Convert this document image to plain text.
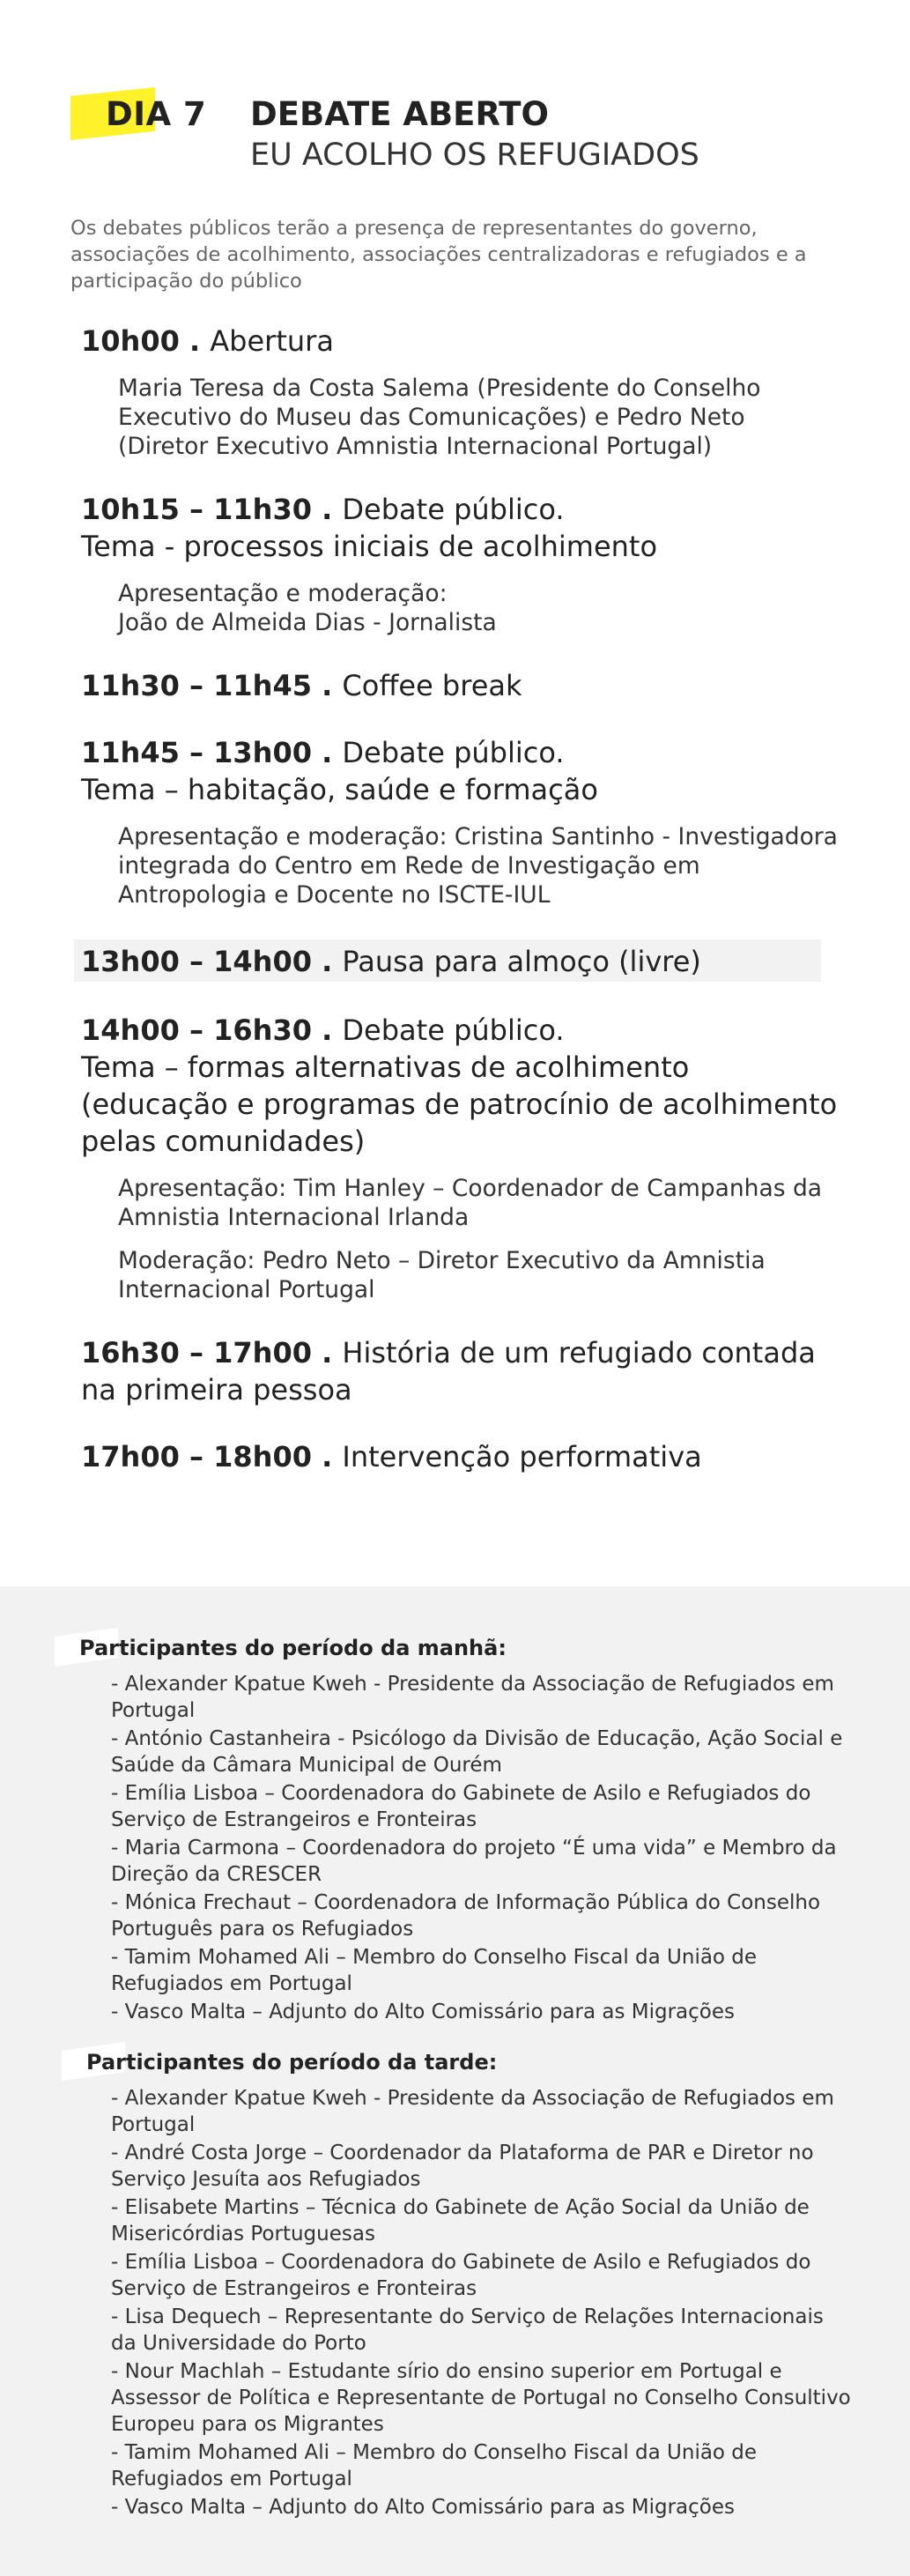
DIA 7 DEBATE ABERTO
EU ACOLHO OS REFUGIADOS
Os debates públicos terão a presença de representantes do governo, associações de acolhimento, associações centralizadoras e refugiados e a participação do público
10h00 . Abertura

Maria Teresa da Costa Salema (Presidente do Conselho Executivo do Museu das Comunicações) e Pedro Neto (Diretor Executivo Amnistia Internacional Portugal)

10h15 – 11h30 . Debate público.
Tema - processos iniciais de acolhimento

Apresentação e moderação:
João de Almeida Dias - Jornalista

11h30 – 11h45 . Coffee break
11h45 – 13h00 . Debate público.
Tema – habitação, saúde e formação

Apresentação e moderação: Cristina Santinho - Investigadora integrada do Centro em Rede de Investigação em Antropologia e Docente no ISCTE-IUL

13h00 – 14h00 . Pausa para almoço (livre)
14h00 – 16h30 . Debate público.
Tema – formas alternativas de acolhimento (educação e programas de patrocínio de acolhimento pelas comunidades)

Apresentação: Tim Hanley – Coordenador de Campanhas da Amnistia Internacional Irlanda

Moderação: Pedro Neto – Diretor Executivo da Amnistia Internacional Portugal

16h30 – 17h00 . História de um refugiado contada na primeira pessoa
17h00 – 18h00 . Intervenção performativa
Participantes do período da manhã:
- Alexander Kpatue Kweh - Presidente da Associação de Refugiados em Portugal
- António Castanheira - Psicólogo da Divisão de Educação, Ação Social e Saúde da Câmara Municipal de Ourém
- Emília Lisboa – Coordenadora do Gabinete de Asilo e Refugiados do Serviço de Estrangeiros e Fronteiras
- Maria Carmona – Coordenadora do projeto “É uma vida” e Membro da Direção da CRESCER
- Mónica Frechaut – Coordenadora de Informação Pública do Conselho Português para os Refugiados
- Tamim Mohamed Ali – Membro do Conselho Fiscal da União de Refugiados em Portugal
- Vasco Malta – Adjunto do Alto Comissário para as Migrações
Participantes do período da tarde:
- Alexander Kpatue Kweh - Presidente da Associação de Refugiados em Portugal
- André Costa Jorge – Coordenador da Plataforma de PAR e Diretor no Serviço Jesuíta aos Refugiados
- Elisabete Martins – Técnica do Gabinete de Ação Social da União de Misericórdias Portuguesas
- Emília Lisboa – Coordenadora do Gabinete de Asilo e Refugiados do Serviço de Estrangeiros e Fronteiras
- Lisa Dequech – Representante do Serviço de Relações Internacionais da Universidade do Porto
- Nour Machlah – Estudante sírio do ensino superior em Portugal e Assessor de Política e Representante de Portugal no Conselho Consultivo Europeu para os Migrantes
- Tamim Mohamed Ali – Membro do Conselho Fiscal da União de Refugiados em Portugal
- Vasco Malta – Adjunto do Alto Comissário para as Migrações
